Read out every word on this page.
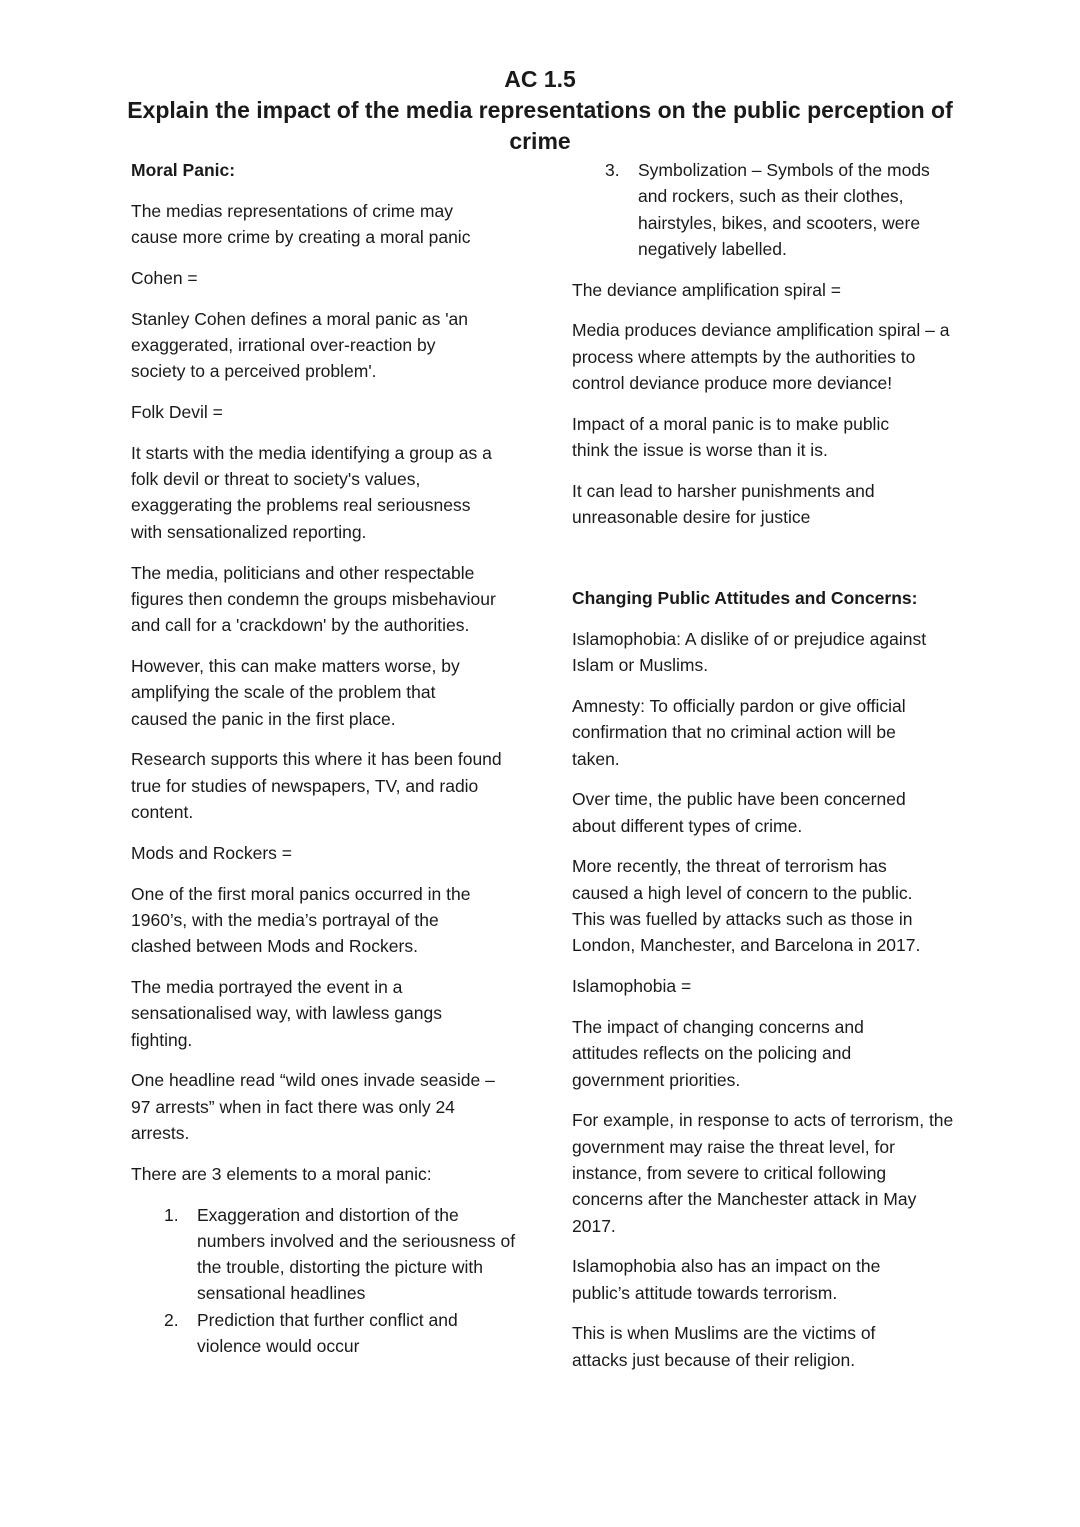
AC 1.5
Explain the impact of the media representations on the public perception of
crime

Moral Panic:

The medias representations of crime may cause more crime by creating a moral panic

Cohen =

Stanley Cohen defines a moral panic as 'an exaggerated, irrational over-reaction by society to a perceived problem'.

Folk Devil =

It starts with the media identifying a group as a folk devil or threat to society's values, exaggerating the problems real seriousness with sensationalized reporting.

The media, politicians and other respectable figures then condemn the groups misbehaviour and call for a 'crackdown' by the authorities.

However, this can make matters worse, by amplifying the scale of the problem that caused the panic in the first place.

Research supports this where it has been found true for studies of newspapers, TV, and radio content.

Mods and Rockers =

One of the first moral panics occurred in the 1960’s, with the media’s portrayal of the clashed between Mods and Rockers.

The media portrayed the event in a sensationalised way, with lawless gangs fighting.

One headline read “wild ones invade seaside – 97 arrests” when in fact there was only 24 arrests.

There are 3 elements to a moral panic:

1.	Exaggeration and distortion of the numbers involved and the seriousness of the trouble, distorting the picture with sensational headlines
2.	Prediction that further conflict and violence would occur
3.	Symbolization – Symbols of the mods and rockers, such as their clothes, hairstyles, bikes, and scooters, were negatively labelled.

The deviance amplification spiral =

Media produces deviance amplification spiral – a process where attempts by the authorities to control deviance produce more deviance!

Impact of a moral panic is to make public think the issue is worse than it is.

It can lead to harsher punishments and unreasonable desire for justice

Changing Public Attitudes and Concerns:

Islamophobia: A dislike of or prejudice against Islam or Muslims.

Amnesty: To officially pardon or give official confirmation that no criminal action will be taken.

Over time, the public have been concerned about different types of crime.

More recently, the threat of terrorism has caused a high level of concern to the public. This was fuelled by attacks such as those in London, Manchester, and Barcelona in 2017.

Islamophobia =

The impact of changing concerns and attitudes reflects on the policing and government priorities.

For example, in response to acts of terrorism, the government may raise the threat level, for instance, from severe to critical following concerns after the Manchester attack in May 2017.

Islamophobia also has an impact on the public’s attitude towards terrorism.

This is when Muslims are the victims of attacks just because of their religion.
